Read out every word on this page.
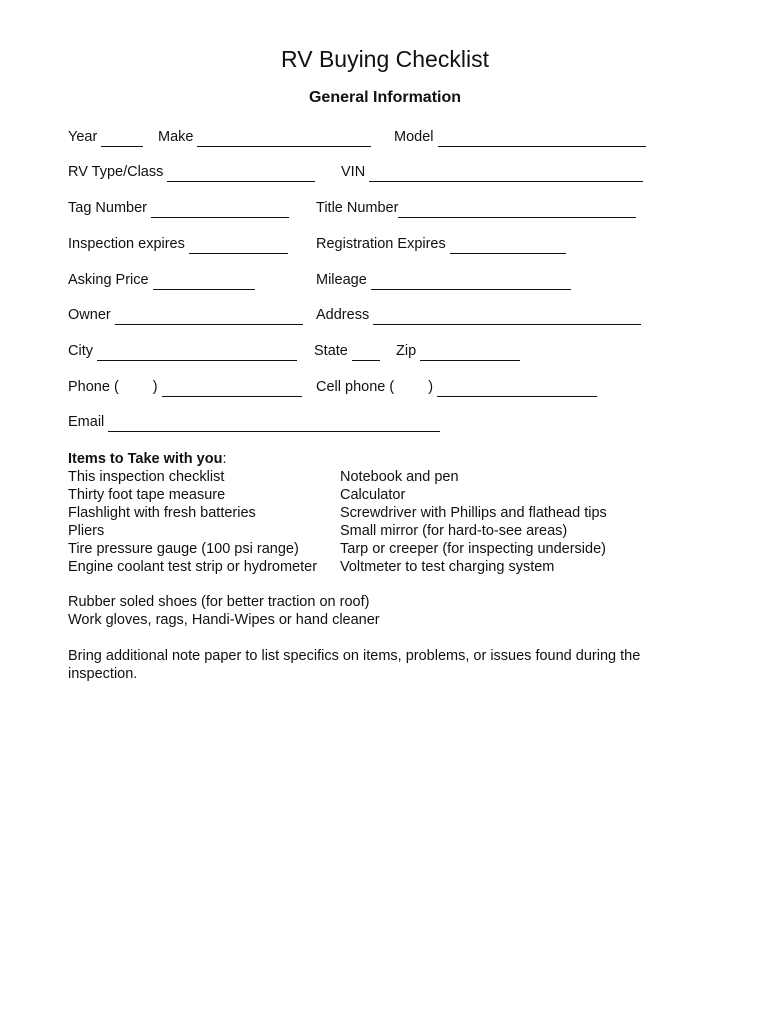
RV Buying Checklist
General Information
Year	Make	Model
RV Type/Class	VIN
Tag Number	Title Number
Inspection expires	Registration Expires
Asking Price	Mileage
Owner	Address
City	State	Zip
Phone ( )	Cell phone ( )
Email
Items to Take with you:
This inspection checklist
Thirty foot tape measure
Flashlight with fresh batteries
Pliers
Tire pressure gauge (100 psi range)
Engine coolant test strip or hydrometer
Notebook and pen
Calculator
Screwdriver with Phillips and flathead tips
Small mirror (for hard-to-see areas)
Tarp or creeper (for inspecting underside)
Voltmeter to test charging system
Rubber soled shoes (for better traction on roof)
Work gloves, rags, Handi-Wipes or hand cleaner
Bring additional note paper to list specifics on items, problems, or issues found during the
inspection.
